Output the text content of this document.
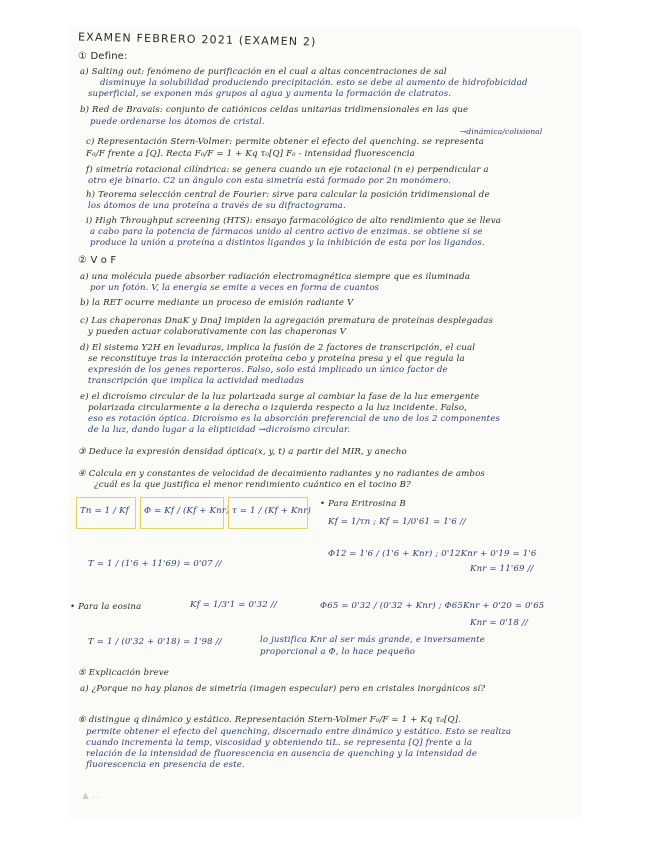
EXAMEN FEBRERO 2021 (EXAMEN 2)
① Define:
a) Salting out: fenómeno de purificación en el cual a altas concentraciones de sal
disminuye la solubilidad produciendo precipitación. esto se debe al aumento de hidrofobicidad
superficial, se exponen más grupos al agua y aumenta la formación de clatratos.
b) Red de Bravais: conjunto de catiónicos celdas unitarias tridimensionales en las que
puede ordenarse los átomos de cristal.
→dinámica/colisional
c) Representación Stern-Volmer: permite obtener el efecto del quenching. se representa
F₀/F frente a [Q]. Recta F₀/F = 1 + Kq τ₀[Q] F₀ - intensidad fluorescencia
f) simetría rotacional cilíndrica: se genera cuando un eje rotacional (n e) perpendicular a
otro eje binario. C2 un ángulo con esta simetría está formado por 2n monómero.
h) Teorema selección central de Fourier: sirve para calcular la posición tridimensional de
los átomos de una proteína a través de su difractograma.
i) High Throughput screening (HTS): ensayo farmacológico de alto rendimiento que se lleva
a cabo para la potencia de fármacos unido al centro activo de enzimas. se obtiene si se
produce la unión a proteína a distintos ligandos y la inhibición de esta por los ligandos.
② V o F
a) una molécula puede absorber radiación electromagnética siempre que es iluminada
por un fotón. V, la energía se emite a veces en forma de cuantos
b) la RET ocurre mediante un proceso de emisión radiante V
c) Las chaperonas DnaK y DnaJ impiden la agregación prematura de proteínas desplegadas
y pueden actuar colaborativamente con las chaperonas V
d) El sistema Y2H en levaduras, implica la fusión de 2 factores de transcripción, el cual
se reconstituye tras la interacción proteína cebo y proteína presa y el que regula la
expresión de los genes reporteros. Falso, solo está implicado un único factor de
transcripción que implica la actividad mediadas
e) el dicroísmo circular de la luz polarizada surge al cambiar la fase de la luz emergente
polarizada circularmente a la derecha o izquierda respecto a la luz incidente. Falso,
eso es rotación óptica. Dicroísmo es la absorción preferencial de uno de los 2 componentes
de la luz, dando lugar a la elipticidad →dicroísmo circular.
③ Deduce la expresión densidad óptica(x, y, t) a partir del MIR, y anecho
④ Calcula en y constantes de velocidad de decaimiento radiantes y no radiantes de ambos
¿cuál es la que justifica el menor rendimiento cuántico en el tocino B?
Tn = 1 / Kf Φ = Kf / (Kf + Knr) τ = 1 / (Kf + Knr)
• Para Eritrosina B
Kf = 1/τn ; Kf = 1/0'61 = 1'6 //
Φ12 = 1'6 / (1'6 + Knr) ; 0'12Knr + 0'19 = 1'6
Knr = 11'69 //
T = 1 / (1'6 + 11'69) = 0'07 //
• Para la eosina	Kf = 1/3'1 = 0'32 //	Φ65 = 0'32 / (0'32 + Knr) ; Φ65Knr + 0'20 = 0'65
Knr = 0'18 //
T = 1 / (0'32 + 0'18) = 1'98 //	lo justifica Knr al ser más grande, e inversamente
proporcional a Φ, lo hace pequeño
⑤ Explicación breve
a) ¿Porque no hay planos de simetría (imagen especular) pero en cristales inorgánicos sí?
⑥ distingue q dinámico y estático. Representación Stern-Volmer F₀/F = 1 + Kq τ₀[Q].
permite obtener el efecto del quenching, discernado entre dinámico y estático. Esto se realiza
cuando incrementa la temp, viscosidad y obteniendo tiL. se representa [Q] frente a la
relación de la intensidad de fluorescencia en ausencia de quenching y la intensidad de
fluorescencia en presencia de este.
▲ ...
